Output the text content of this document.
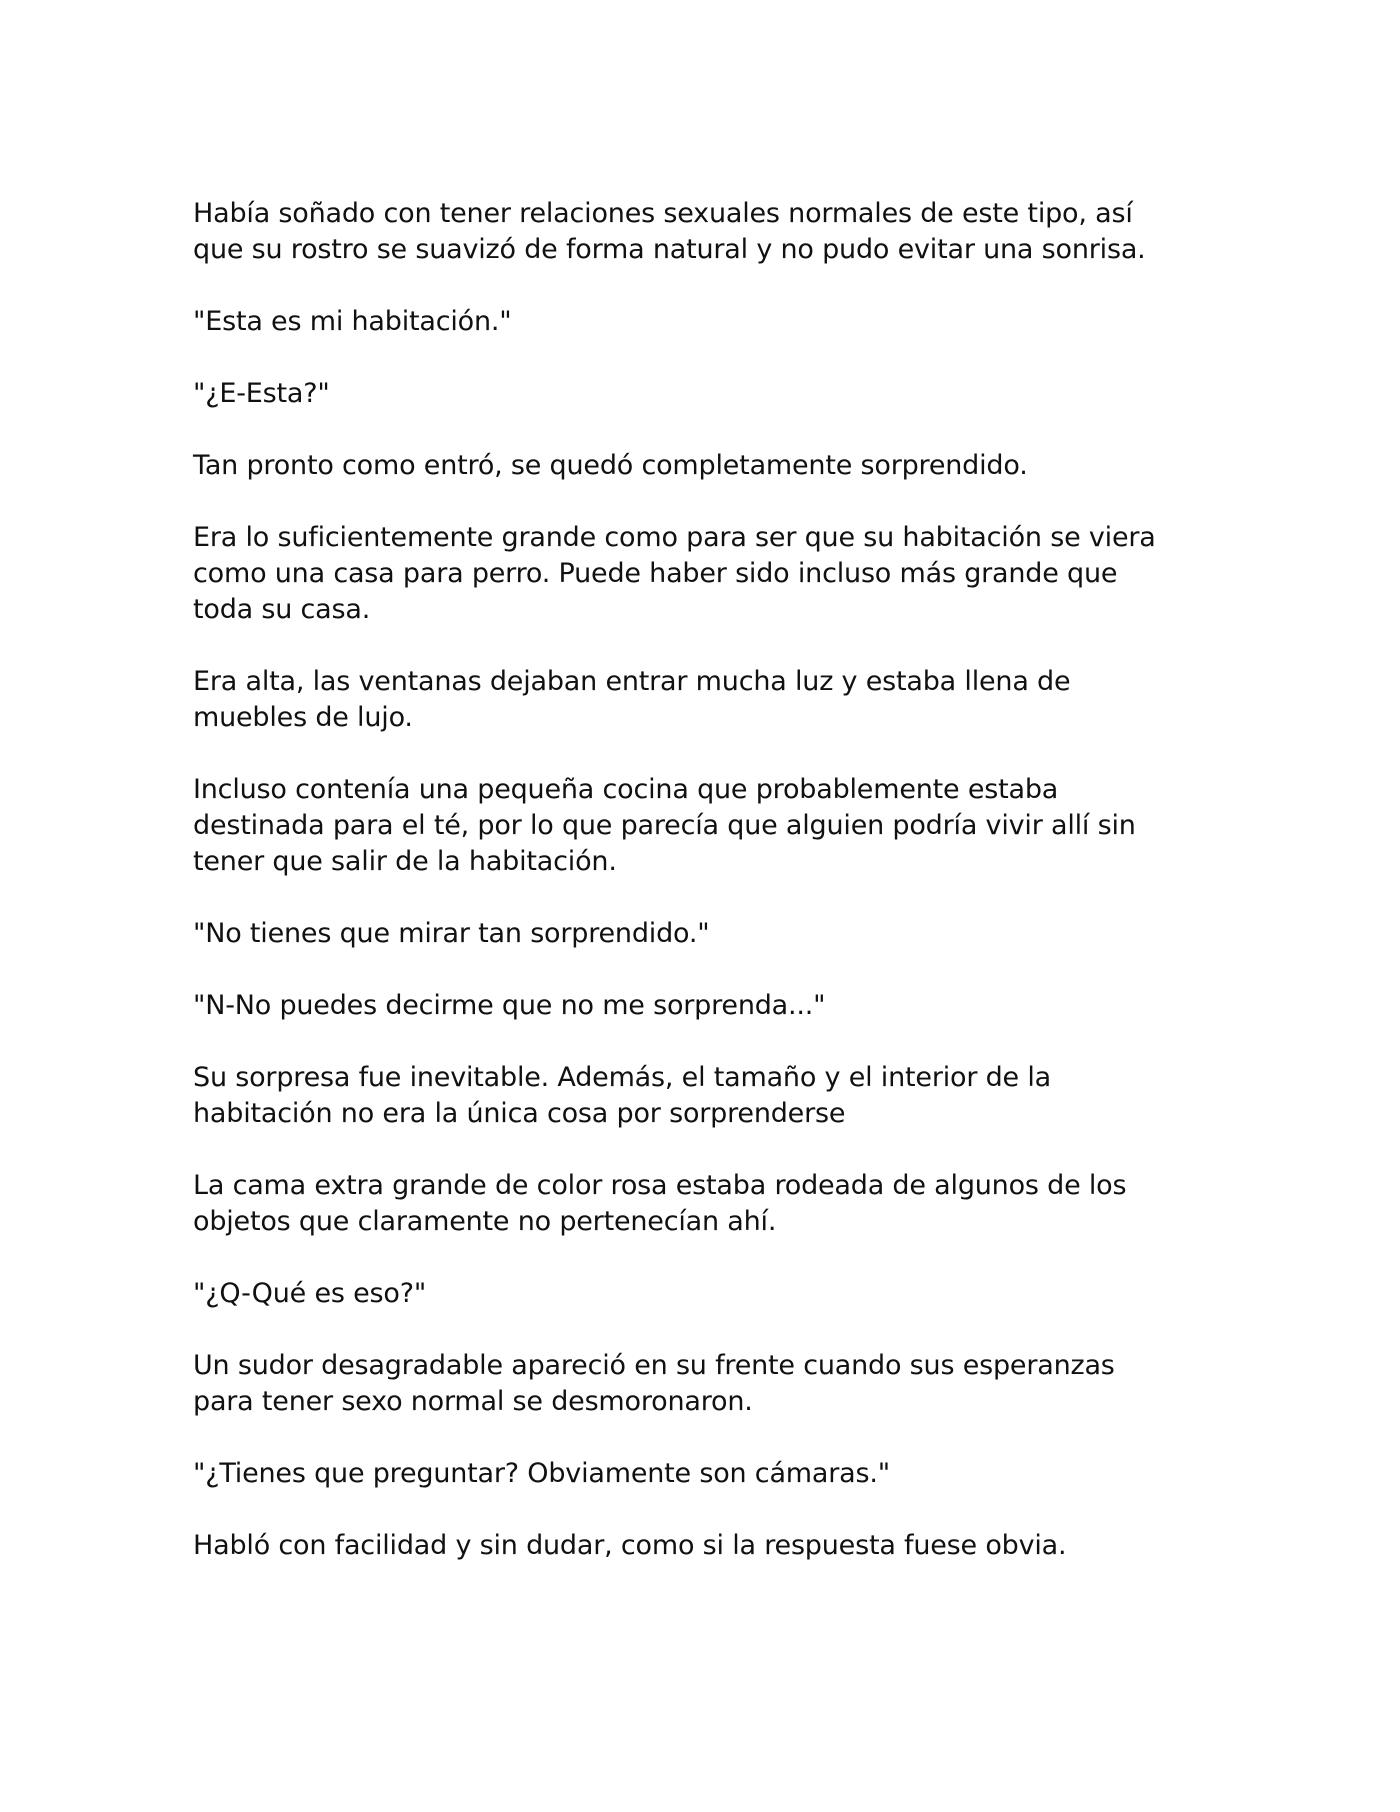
Había soñado con tener relaciones sexuales normales de este tipo, así
que su rostro se suavizó de forma natural y no pudo evitar una sonrisa.

"Esta es mi habitación."

"¿E-Esta?"

Tan pronto como entró, se quedó completamente sorprendido.

Era lo suficientemente grande como para ser que su habitación se viera
como una casa para perro. Puede haber sido incluso más grande que
toda su casa.

Era alta, las ventanas dejaban entrar mucha luz y estaba llena de
muebles de lujo.

Incluso contenía una pequeña cocina que probablemente estaba
destinada para el té, por lo que parecía que alguien podría vivir allí sin
tener que salir de la habitación.

"No tienes que mirar tan sorprendido."

"N-No puedes decirme que no me sorprenda..."

Su sorpresa fue inevitable. Además, el tamaño y el interior de la
habitación no era la única cosa por sorprenderse

La cama extra grande de color rosa estaba rodeada de algunos de los
objetos que claramente no pertenecían ahí.

"¿Q-Qué es eso?"

Un sudor desagradable apareció en su frente cuando sus esperanzas
para tener sexo normal se desmoronaron.

"¿Tienes que preguntar? Obviamente son cámaras."

Habló con facilidad y sin dudar, como si la respuesta fuese obvia.
